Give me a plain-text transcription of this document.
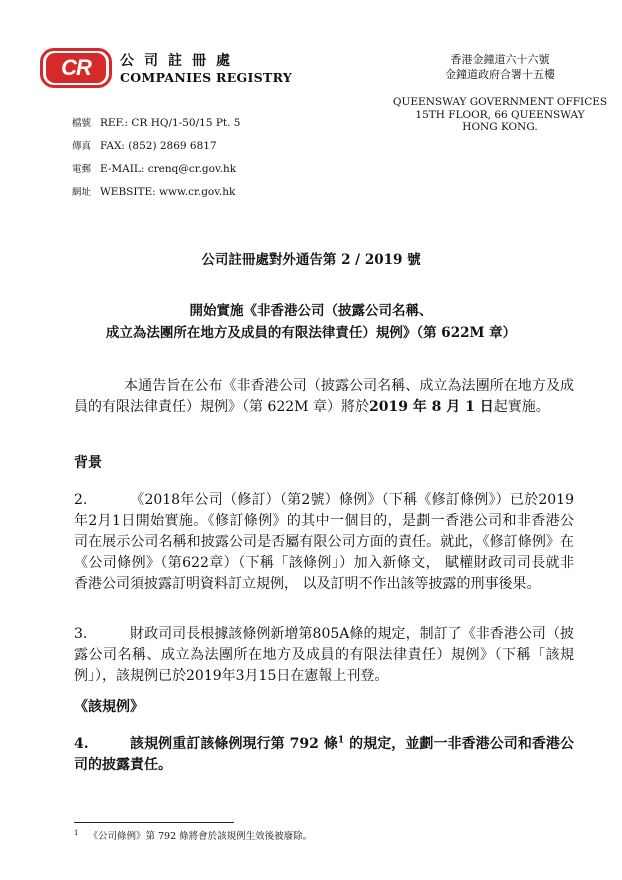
CR	公司註冊處
COMPANIES REGISTRY
香港金鐘道六十六號
金鐘道政府合署十五樓
QUEENSWAY GOVERNMENT OFFICES
15TH FLOOR, 66 QUEENSWAY
HONG KONG.
檔號 REF.: CR HQ/1-50/15 Pt. 5
傳真 FAX: (852) 2869 6817
電郵 E-MAIL: crenq@cr.gov.hk
網址 WEBSITE: www.cr.gov.hk
公司註冊處對外通告第 2 / 2019 號
開始實施《非香港公司（披露公司名稱、
成立為法團所在地方及成員的有限法律責任）規例》（第 622M 章）
本通告旨在公布《非香港公司（披露公司名稱、成立為法團所在地方及成員的有限法律責任）規例》（第 622M 章）將於2019 年 8 月 1 日起實施。
背景
2.	《2018年公司（修訂）（第2號）條例》（下稱《修訂條例》）已於2019年2月1日開始實施。《修訂條例》的其中一個目的，是劃一香港公司和非香港公司在展示公司名稱和披露公司是否屬有限公司方面的責任。就此，《修訂條例》在《公司條例》（第622章）（下稱「該條例」）加入新條文， 賦權財政司司長就非香港公司須披露訂明資料訂立規例， 以及訂明不作出該等披露的刑事後果。
3.	財政司司長根據該條例新增第805A條的規定，制訂了《非香港公司（披露公司名稱、成立為法團所在地方及成員的有限法律責任）規例》（下稱「該規例」），該規例已於2019年3月15日在憲報上刊登。
《該規例》
4.	該規例重訂該條例現行第 792 條$^1$ 的規定，並劃一非香港公司和香港公司的披露責任。
$^1$ 《公司條例》第 792 條將會於該規例生效後被廢除。
